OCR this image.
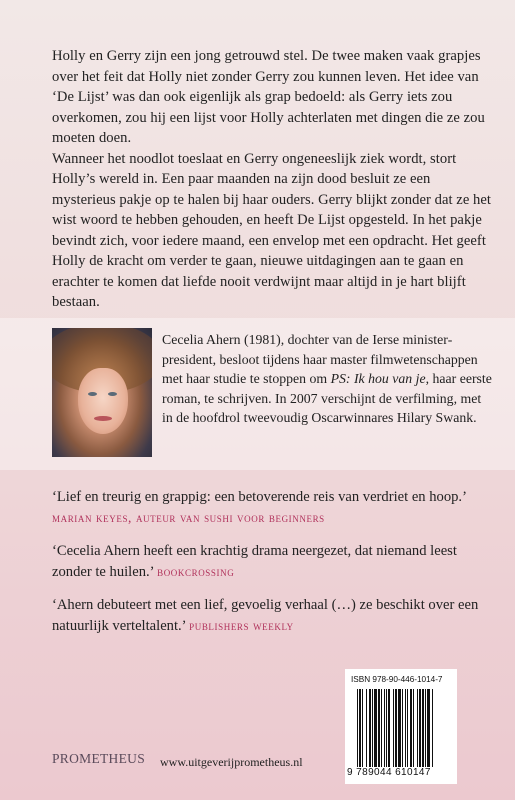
Holly en Gerry zijn een jong getrouwd stel. De twee maken vaak grapjes over het feit dat Holly niet zonder Gerry zou kunnen leven. Het idee van ‘De Lijst’ was dan ook eigenlijk als grap bedoeld: als Gerry iets zou overkomen, zou hij een lijst voor Holly achterlaten met dingen die ze zou moeten doen.

Wanneer het noodlot toeslaat en Gerry ongeneeslijk ziek wordt, stort Holly’s wereld in. Een paar maanden na zijn dood besluit ze een mysterieus pakje op te halen bij haar ouders. Gerry blijkt zonder dat ze het wist woord te hebben gehouden, en heeft De Lijst opgesteld. In het pakje bevindt zich, voor iedere maand, een envelop met een opdracht. Het geeft Holly de kracht om verder te gaan, nieuwe uitdagingen aan te gaan en erachter te komen dat liefde nooit verdwijnt maar altijd in je hart blijft bestaan.

Cecelia Ahern (1981), dochter van de Ierse ministerpresident, besloot tijdens haar master filmwetenschappen met haar studie te stoppen om PS: Ik hou van je, haar eerste roman, te schrijven. In 2007 verschijnt de verfilming, met in de hoofdrol tweevoudig Oscarwinnares Hilary Swank.

‘Lief en treurig en grappig: een betoverende reis van verdriet en hoop.’ marian keyes, auteur van sushi voor beginners

‘Cecelia Ahern heeft een krachtig drama neergezet, dat niemand leest zonder te huilen.’ bookcrossing

‘Ahern debuteert met een lief, gevoelig verhaal (…) ze beschikt over een natuurlijk verteltalent.’ publishers weekly

PROMETHEUS www.uitgeverijprometheus.nl
ISBN 978-90-446-1014-7
9 789044 610147
